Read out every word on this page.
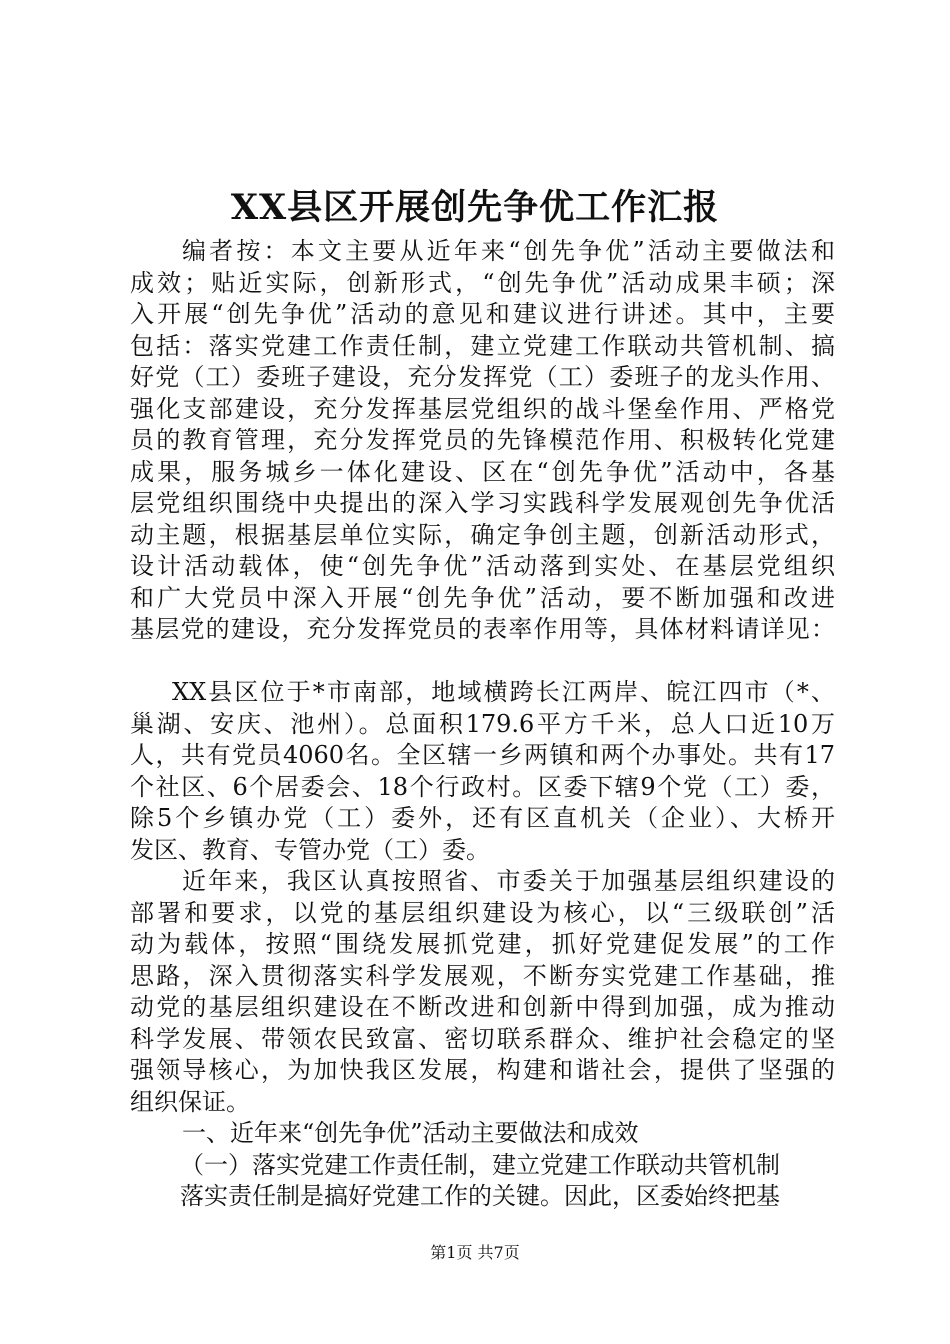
XX县区开展创先争优工作汇报
编者按：本文主要从近年来“创先争优”活动主要做法和
成效；贴近实际，创新形式，“创先争优”活动成果丰硕；深
入开展“创先争优”活动的意见和建议进行讲述。其中，主要
包括：落实党建工作责任制，建立党建工作联动共管机制、搞
好党（工）委班子建设，充分发挥党（工）委班子的龙头作用、
强化支部建设，充分发挥基层党组织的战斗堡垒作用、严格党
员的教育管理，充分发挥党员的先锋模范作用、积极转化党建
成果，服务城乡一体化建设、区在“创先争优”活动中，各基
层党组织围绕中央提出的深入学习实践科学发展观创先争优活
动主题，根据基层单位实际，确定争创主题，创新活动形式，
设计活动载体，使“创先争优”活动落到实处、在基层党组织
和广大党员中深入开展“创先争优”活动，要不断加强和改进
基层党的建设，充分发挥党员的表率作用等，具体材料请详见：
XX县区位于*市南部，地域横跨长江两岸、皖江四市（*、
巢湖、安庆、池州）。总面积179.6平方千米，总人口近10万
人，共有党员4060名。全区辖一乡两镇和两个办事处。共有17
个社区、6个居委会、18个行政村。区委下辖9个党（工）委，
除5个乡镇办党（工）委外，还有区直机关（企业）、大桥开
发区、教育、专管办党（工）委。
近年来，我区认真按照省、市委关于加强基层组织建设的
部署和要求，以党的基层组织建设为核心，以“三级联创”活
动为载体，按照“围绕发展抓党建，抓好党建促发展”的工作
思路，深入贯彻落实科学发展观，不断夯实党建工作基础，推
动党的基层组织建设在不断改进和创新中得到加强，成为推动
科学发展、带领农民致富、密切联系群众、维护社会稳定的坚
强领导核心，为加快我区发展，构建和谐社会，提供了坚强的
组织保证。
一、近年来“创先争优”活动主要做法和成效
（一）落实党建工作责任制，建立党建工作联动共管机制
落实责任制是搞好党建工作的关键。因此，区委始终把基
第1页 共7页
